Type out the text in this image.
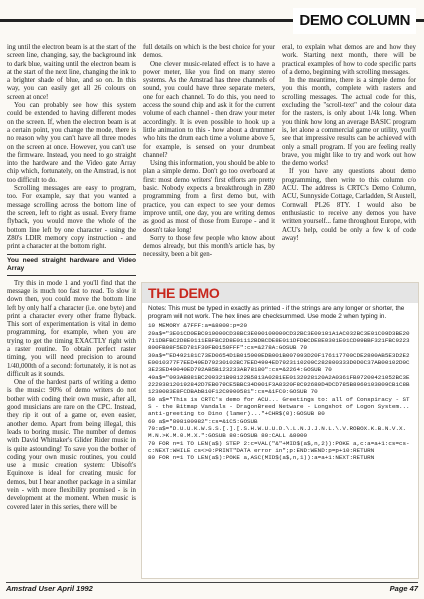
DEMO COLUMN

ing until the electron beam is at the start of the screen line, changing, say, the background ink to dark blue, waiting until the electron beam is at the start of the next line, changing the ink to a brighter shade of blue, and so on. In this way, you can easily get all 26 colours on screen at once!

You can probably see how this system could be extended to having different modes on the screen. If, when the electron beam is at a certain point, you change the mode, there is no reason why you can't have all three modes on the screen at once. However, you can't use the firmware. Instead, you need to go straight into the hardware and the Video gate Array chip which, fortunately, on the Amstrad, is not too difficult to do.

Scrolling messages are easy to program, too. For example, say that you wanted a message scrolling across the bottom line of the screen, left to right as usual. Every frame flyback, you would move the whole of the bottom line left by one character - using the Z80's LDIR memory copy instruction - and print a character at the bottom right.

You need straight hardware and Video Array

Try this in mode 1 and you'll find that the message is much too fast to read. To slow it down then, you could move the bottom line left by only half a character (i.e. one byte) and print a character every other frame flyback. This sort of experimentation is vital in demo programming, for example, when you are trying to get the timing EXACTLY right with a raster routine. To obtain perfect raster timing, you will need precision to around 1/40,000th of a second: fortunately, it is not as difficult as it sounds.

One of the hardest parts of writing a demo is the music: 90% of demo writers do not bother with coding their own music, after all, good musicians are rare on the CPC. Instead, they rip it out of a game or, even easier, another demo. Apart from being illegal, this leads to boring music. The number of demos with David Whittaker's Glider Rider music in is quite astounding! To save you the bother of coding your own music routines, you could use a music creation system: Ubisoft's Equinoxe is ideal for creating music for demos, but I hear another package in a similar vein - with more flexibility promised - is in development at the moment. When music is covered later in this series, there will be

full details on which is the best choice for your demos.

One clever music-related effect is to have a power meter, like you find on many stereo systems. As the Amstrad has three channels of sound, you could have three separate meters, one for each channel. To do this, you need to access the sound chip and ask it for the current volume of each channel - then draw your meter accordingly. It is even possible to hook up a little animation to this - how about a drummer who hits the drum each time a volume above 5, for example, is sensed on your drumbeat channel?

Using this information, you should be able to plan a simple demo. Don't go too overboard at first: most demo writers' first efforts are pretty basic. Nobody expects a breakthrough in Z80 programming from a first demo but, with practice, you can expect to see your demos improve until, one day, you are writing demos as good as most of those from Europe - and it doesn't take long!

Sorry to those few people who know about demos already, but this month's article has, by necessity, been a bit gen-

eral, to explain what demos are and how they work. Starting next month, there will be practical examples of how to code specific parts of a demo, beginning with scrolling messages.

In the meantime, there is a simple demo for you this month, complete with rasters and scrolling messages. The actual code for this, excluding the "scroll-text" and the colour data for the rasters, is only about 1/4k long. When you think how long an average BASIC program is, let alone a commercial game or utility, you'll see that impressive results can be achieved with only a small program. If you are feeling really brave, you might like to try and work out how the demo works!

If you have any questions about demo programming, then write to this column c/o ACU. The address is CRTC's Demo Column, ACU, Sunnyside Cottage, Carladden, St Austell, Cornwall PL26 8TY. I would also be enthusiastic to receive any demos you have written yourself... fame throughout Europe, with ACU's help, could be only a few k of code away!

THE DEMO
Notes: This must be typed in exactly as printed - if the strings are any longer or shorter, the program will not work. The hex lines are checksummed. Use mode 2 when typing in.
10 MEMORY &7FFF:a=&8000:p=20
20a$="3E01CD0EBC010000CD38BC3E000100000CD32BC3E00101A1AC032BC3E01C09D3BE20711DBFBC2D8E0111EBFBC2D8E01112BDBCDE8E011DFDBCDE8E0301E01CD09BBF321FBC9223800FB08F5ED781F30FB0150FFF":cs=&278A:GOSUB 70
30a$="ED492181C73ED0654D1B015000EDB001B007093D20F176117700CDE2800AB5E3D2E2E0010377F7EED49ED79230102BC7EED4904ED7923110200C282800333D0D0C37AB00102D0C3E23ED49040ED792AB5B123233AB78180":cs=&2264:GOSUB 70
40a$="093AB881BC200321B98122B5813A0281EE0132028120A2A0361FB97200421052BC3E222038120192842D7EB079CE5BBC34D001F3A8320F8C92680D4DCD785B8960103809CB1C8B1230083E8FCDBAbB10F12C0900581":cs=&1FC0:GOSUB 70
50 a$="This is CRTC's demo for ACU... Greetings to: all of Conspiracy - STS - the Bitmap Vandals - DragonBreed Netware - Longshot of Logon System... anti-greeting to Dino (lamer)..."+CHR$(0):GOSUB 80
60 a$="898100982":cs=&1C5:GOSUB
70:a$="D.U.U.K.W.S.S.[.].[.S.H.W.U.U.D.\.L.N.J.J.N.L.\.V.ROBOX.K.B.N.V.X.M.N.>K.M.0.M.X.":GOSUB 80:GOSUB 80:CALL &8000
70 FOR n=1 TO LEN(a$) STEP 2:c=VAL("&"+MID$(a$,n,2)):POKE a,c:a=a+1:cs=cs-c:NEXT:WHILE cs<>0:PRINT"DATA error in";p:END:WEND:p=p+10:RETURN
80 FOR n=1 TO LEN(a$):POKE a,ASC(MID$(a$,n,1)):a=a+1:NEXT:RETURN
Amstrad User April 1992	Page 47
